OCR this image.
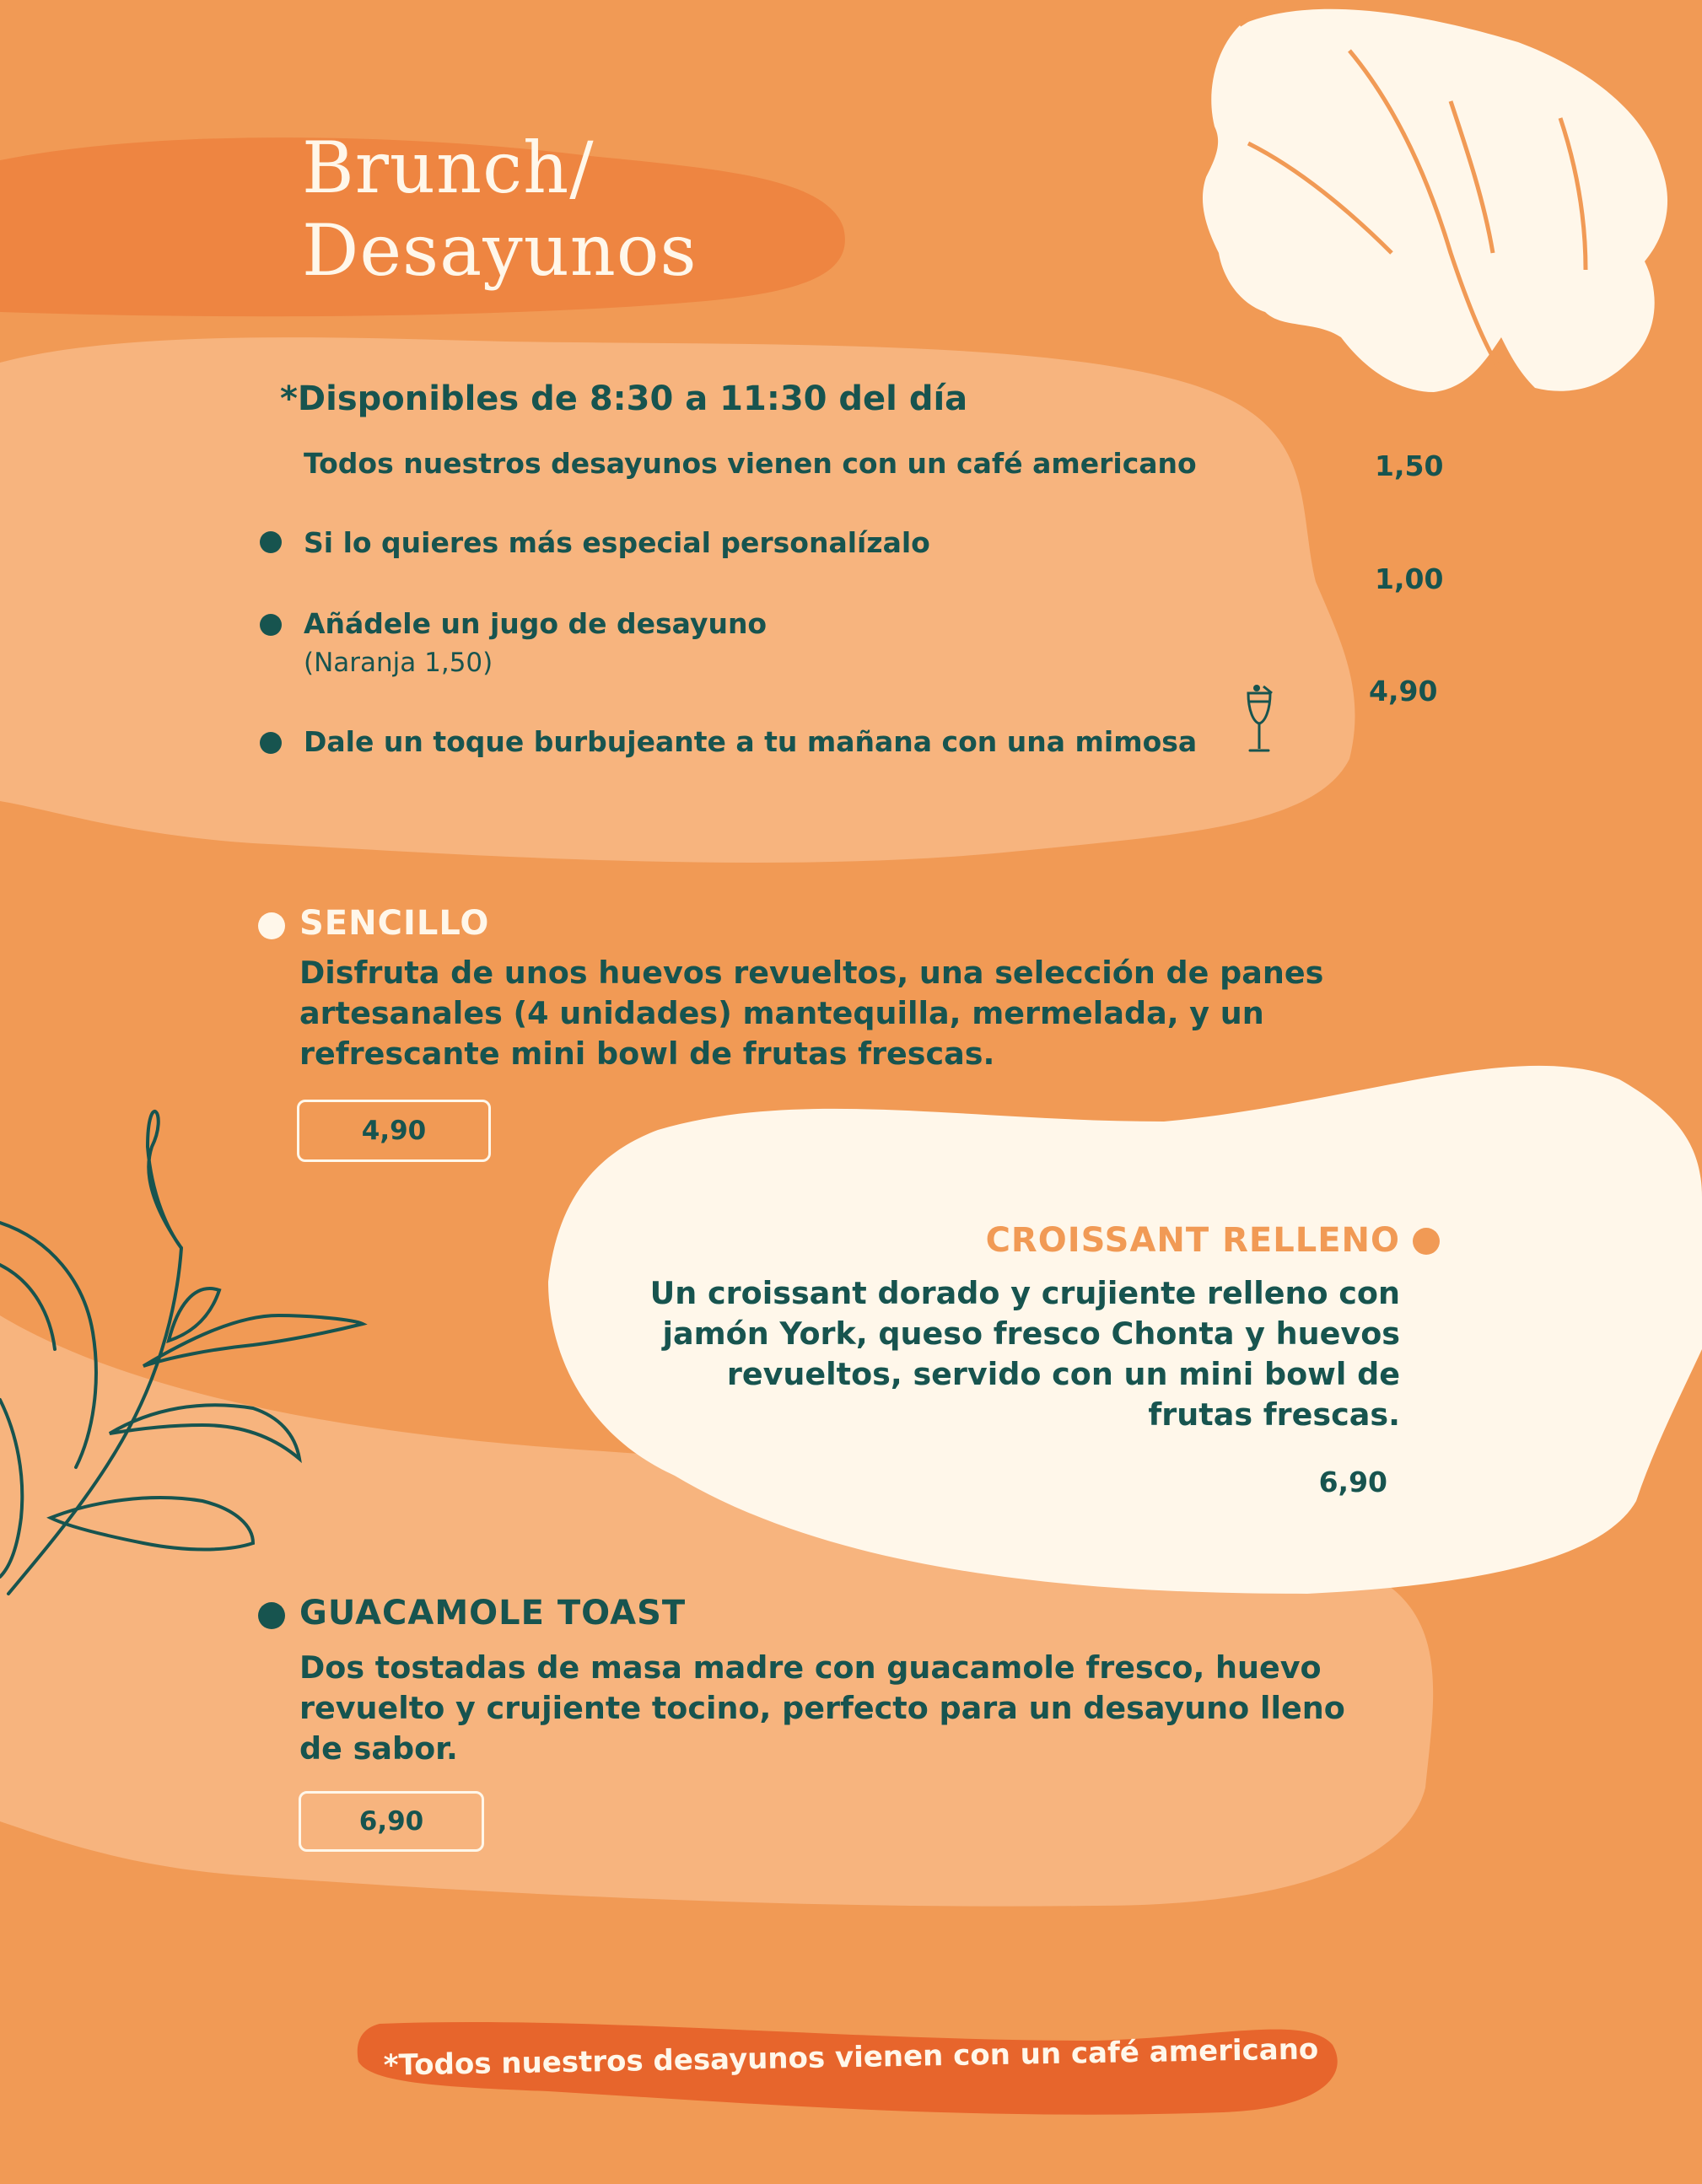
Brunch/
Desayunos
*Disponibles de 8:30 a 11:30 del día
Todos nuestros desayunos vienen con un café americano	1,50
Si lo quieres más especial personalízalo
1,00
Añádele un jugo de desayuno
(Naranja 1,50)
4,90
Dale un toque burbujeante a tu mañana con una mimosa
SENCILLO
Disfruta de unos huevos revueltos, una selección de panes artesanales (4 unidades) mantequilla, mermelada, y un refrescante mini bowl de frutas frescas.
4,90
CROISSANT RELLENO
Un croissant dorado y crujiente relleno con jamón York, queso fresco Chonta y huevos revueltos, servido con un mini bowl de frutas frescas.
6,90
GUACAMOLE TOAST
Dos tostadas de masa madre con guacamole fresco, huevo revuelto y crujiente tocino, perfecto para un desayuno lleno de sabor.
6,90
*Todos nuestros desayunos vienen con un café americano
